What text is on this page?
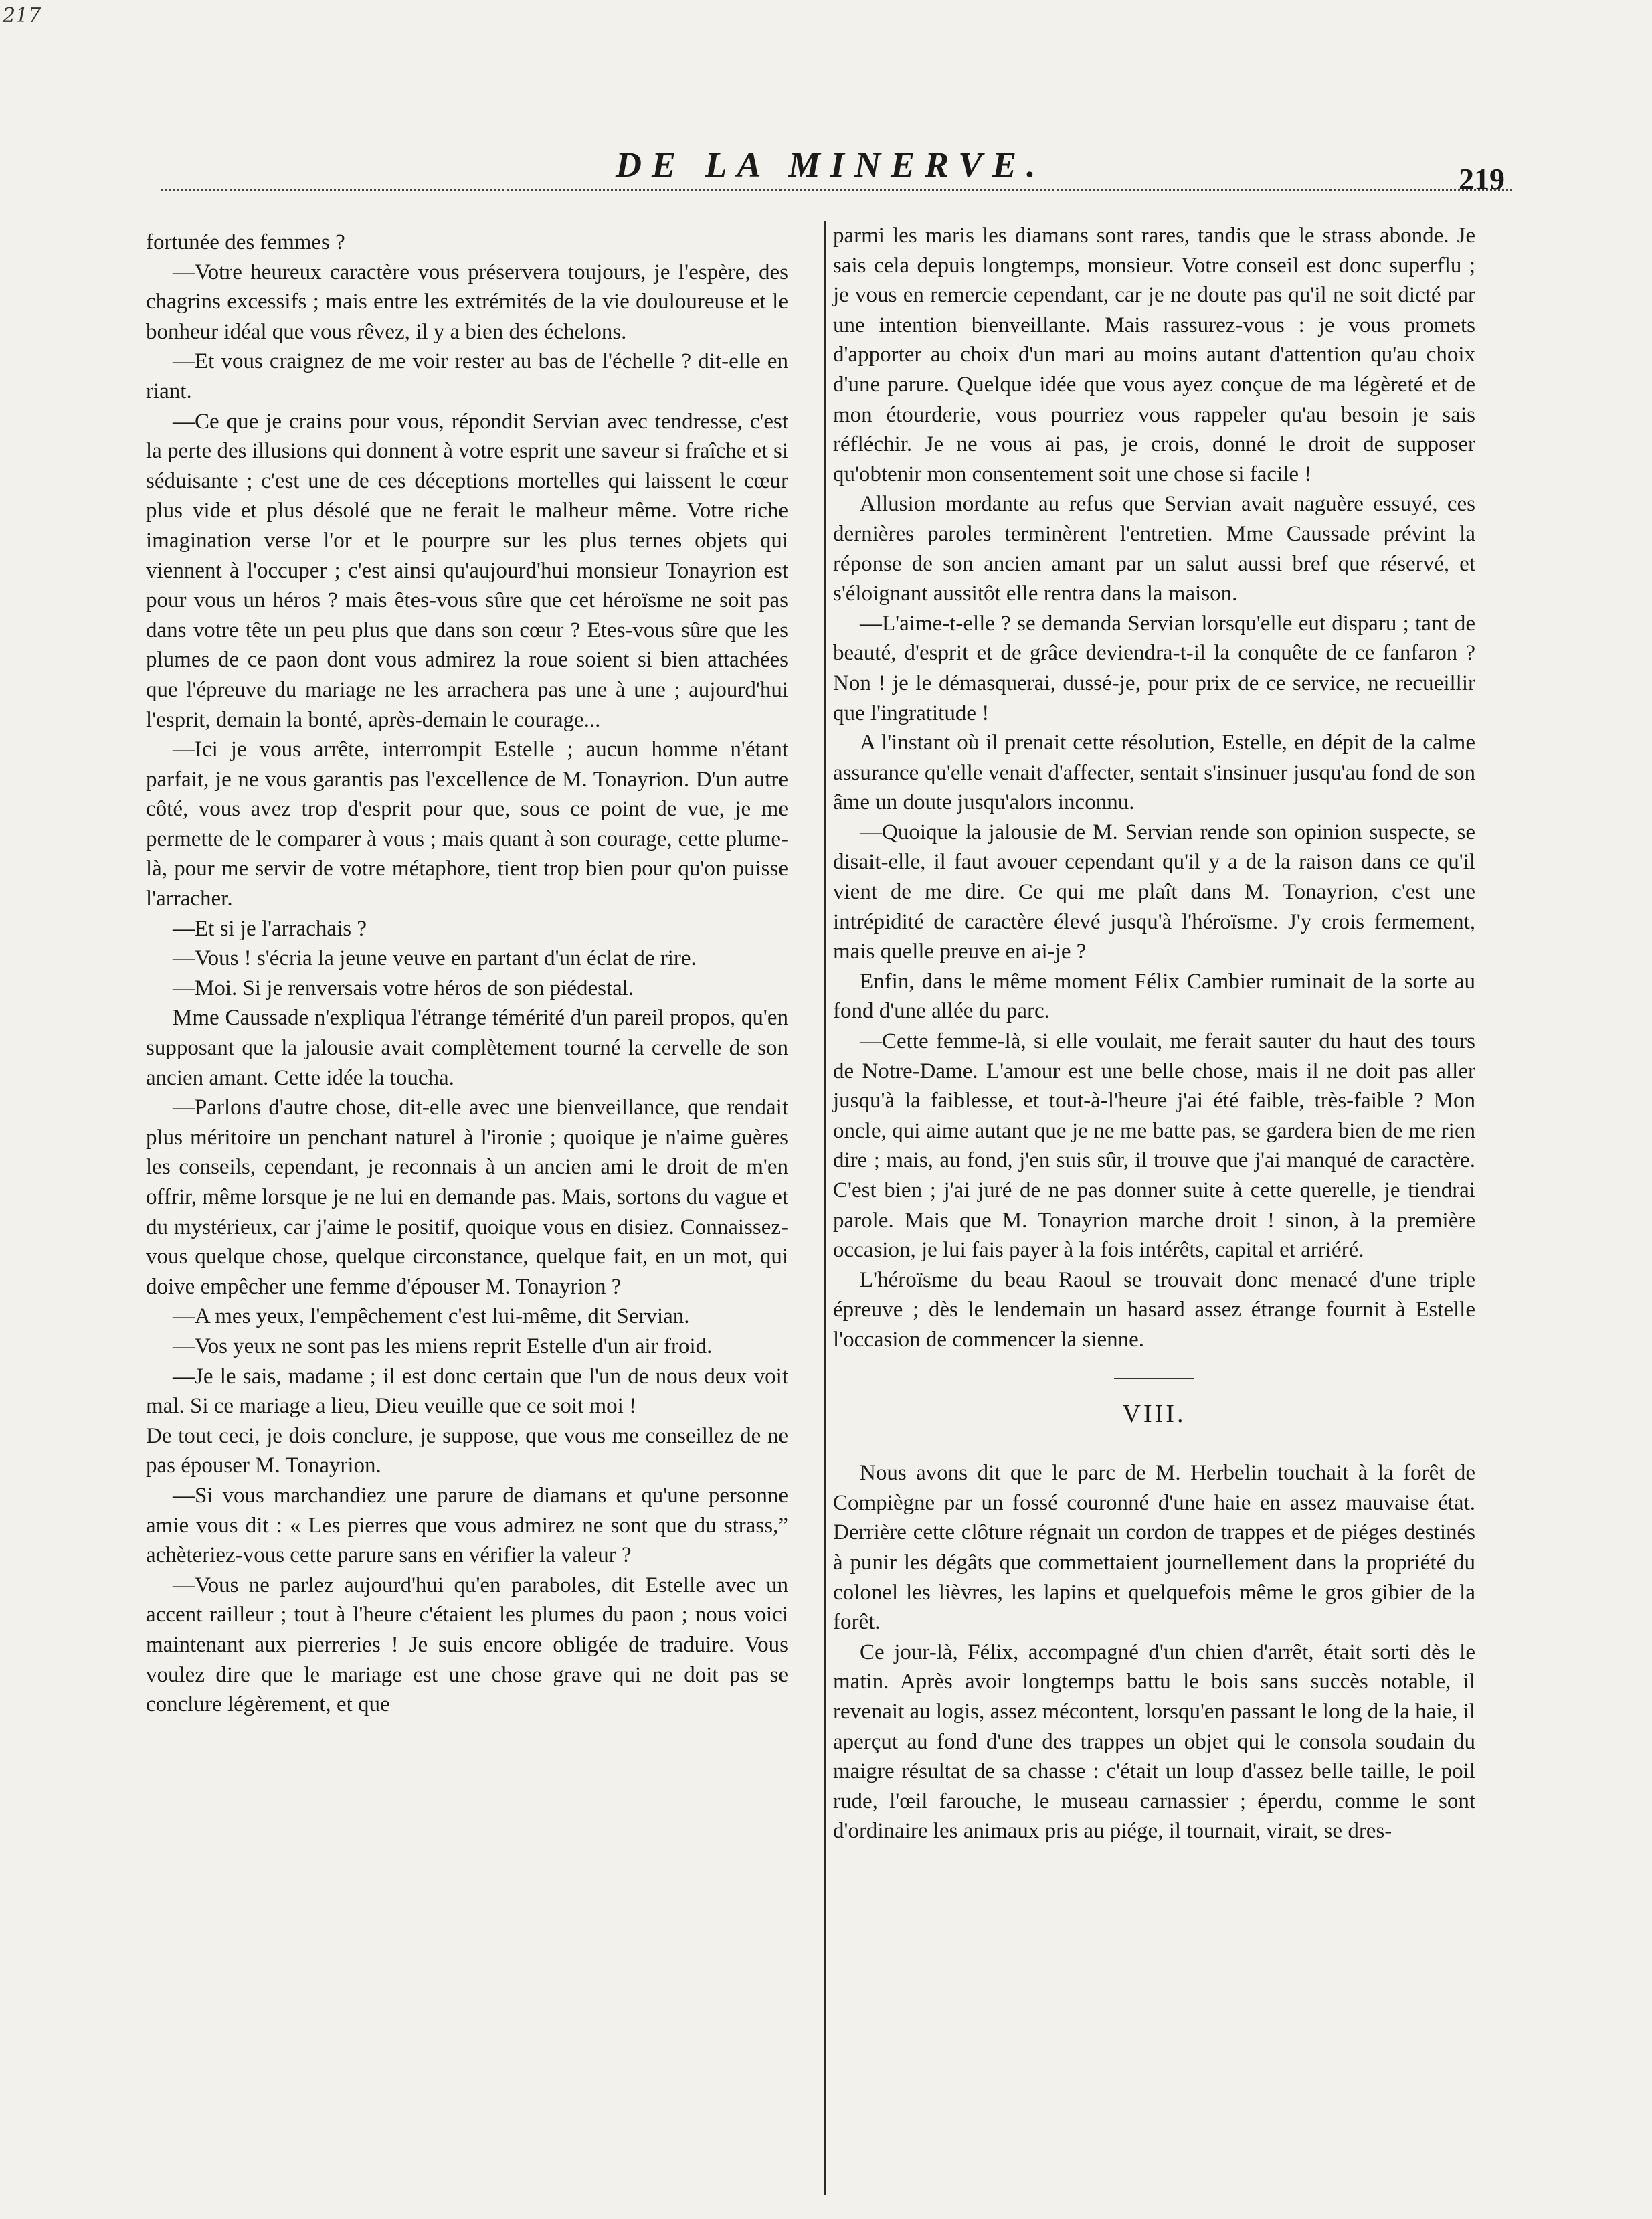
217
DE LA MINERVE.	219

fortunée des femmes ?

—Votre heureux caractère vous préservera toujours, je l'espère, des chagrins excessifs ; mais entre les extrémités de la vie douloureuse et le bonheur idéal que vous rêvez, il y a bien des échelons.

—Et vous craignez de me voir rester au bas de l'échelle ? dit-elle en riant.

—Ce que je crains pour vous, répondit Servian avec tendresse, c'est la perte des illusions qui donnent à votre esprit une saveur si fraîche et si séduisante ; c'est une de ces déceptions mortelles qui laissent le cœur plus vide et plus désolé que ne ferait le malheur même. Votre riche imagination verse l'or et le pourpre sur les plus ternes objets qui viennent à l'occuper ; c'est ainsi qu'aujourd'hui monsieur Tonayrion est pour vous un héros ? mais êtes-vous sûre que cet héroïsme ne soit pas dans votre tête un peu plus que dans son cœur ? Etes-vous sûre que les plumes de ce paon dont vous admirez la roue soient si bien attachées que l'épreuve du mariage ne les arrachera pas une à une ; aujourd'hui l'esprit, demain la bonté, après-demain le courage...

—Ici je vous arrête, interrompit Estelle ; aucun homme n'étant parfait, je ne vous garantis pas l'excellence de M. Tonayrion. D'un autre côté, vous avez trop d'esprit pour que, sous ce point de vue, je me permette de le comparer à vous ; mais quant à son courage, cette plume-là, pour me servir de votre métaphore, tient trop bien pour qu'on puisse l'arracher.

—Et si je l'arrachais ?

—Vous ! s'écria la jeune veuve en partant d'un éclat de rire.

—Moi. Si je renversais votre héros de son piédestal.

Mme Caussade n'expliqua l'étrange témérité d'un pareil propos, qu'en supposant que la jalousie avait complètement tourné la cervelle de son ancien amant. Cette idée la toucha.

—Parlons d'autre chose, dit-elle avec une bienveillance, que rendait plus méritoire un penchant naturel à l'ironie ; quoique je n'aime guères les conseils, cependant, je reconnais à un ancien ami le droit de m'en offrir, même lorsque je ne lui en demande pas. Mais, sortons du vague et du mystérieux, car j'aime le positif, quoique vous en disiez. Connaissez-vous quelque chose, quelque circonstance, quelque fait, en un mot, qui doive empêcher une femme d'épouser M. Tonayrion ?

—A mes yeux, l'empêchement c'est lui-même, dit Servian.

—Vos yeux ne sont pas les miens reprit Estelle d'un air froid.

—Je le sais, madame ; il est donc certain que l'un de nous deux voit mal. Si ce mariage a lieu, Dieu veuille que ce soit moi !

De tout ceci, je dois conclure, je suppose, que vous me conseillez de ne pas épouser M. Tonayrion.

—Si vous marchandiez une parure de diamans et qu'une personne amie vous dit : « Les pierres que vous admirez ne sont que du strass,” achèteriez-vous cette parure sans en vérifier la valeur ?

—Vous ne parlez aujourd'hui qu'en paraboles, dit Estelle avec un accent railleur ; tout à l'heure c'étaient les plumes du paon ; nous voici maintenant aux pierreries ! Je suis encore obligée de traduire. Vous voulez dire que le mariage est une chose grave qui ne doit pas se conclure légèrement, et que

parmi les maris les diamans sont rares, tandis que le strass abonde. Je sais cela depuis longtemps, monsieur. Votre conseil est donc superflu ; je vous en remercie cependant, car je ne doute pas qu'il ne soit dicté par une intention bienveillante. Mais rassurez-vous : je vous promets d'apporter au choix d'un mari au moins autant d'attention qu'au choix d'une parure. Quelque idée que vous ayez conçue de ma légèreté et de mon étourderie, vous pourriez vous rappeler qu'au besoin je sais réfléchir. Je ne vous ai pas, je crois, donné le droit de supposer qu'obtenir mon consentement soit une chose si facile !

Allusion mordante au refus que Servian avait naguère essuyé, ces dernières paroles terminèrent l'entretien. Mme Caussade prévint la réponse de son ancien amant par un salut aussi bref que réservé, et s'éloignant aussitôt elle rentra dans la maison.

—L'aime-t-elle ? se demanda Servian lorsqu'elle eut disparu ; tant de beauté, d'esprit et de grâce deviendra-t-il la conquête de ce fanfaron ? Non ! je le démasquerai, dussé-je, pour prix de ce service, ne recueillir que l'ingratitude !

A l'instant où il prenait cette résolution, Estelle, en dépit de la calme assurance qu'elle venait d'affecter, sentait s'insinuer jusqu'au fond de son âme un doute jusqu'alors inconnu.

—Quoique la jalousie de M. Servian rende son opinion suspecte, se disait-elle, il faut avouer cependant qu'il y a de la raison dans ce qu'il vient de me dire. Ce qui me plaît dans M. Tonayrion, c'est une intrépidité de caractère élevé jusqu'à l'héroïsme. J'y crois fermement, mais quelle preuve en ai-je ?

Enfin, dans le même moment Félix Cambier ruminait de la sorte au fond d'une allée du parc.

—Cette femme-là, si elle voulait, me ferait sauter du haut des tours de Notre-Dame. L'amour est une belle chose, mais il ne doit pas aller jusqu'à la faiblesse, et tout-à-l'heure j'ai été faible, très-faible ? Mon oncle, qui aime autant que je ne me batte pas, se gardera bien de me rien dire ; mais, au fond, j'en suis sûr, il trouve que j'ai manqué de caractère. C'est bien ; j'ai juré de ne pas donner suite à cette querelle, je tiendrai parole. Mais que M. Tonayrion marche droit ! sinon, à la première occasion, je lui fais payer à la fois intérêts, capital et arriéré.

L'héroïsme du beau Raoul se trouvait donc menacé d'une triple épreuve ; dès le lendemain un hasard assez étrange fournit à Estelle l'occasion de commencer la sienne.

VIII.

Nous avons dit que le parc de M. Herbelin touchait à la forêt de Compiègne par un fossé couronné d'une haie en assez mauvaise état. Derrière cette clôture régnait un cordon de trappes et de piéges destinés à punir les dégâts que commettaient journellement dans la propriété du colonel les lièvres, les lapins et quelquefois même le gros gibier de la forêt.

Ce jour-là, Félix, accompagné d'un chien d'arrêt, était sorti dès le matin. Après avoir longtemps battu le bois sans succès notable, il revenait au logis, assez mécontent, lorsqu'en passant le long de la haie, il aperçut au fond d'une des trappes un objet qui le consola soudain du maigre résultat de sa chasse : c'était un loup d'assez belle taille, le poil rude, l'œil farouche, le museau carnassier ; éperdu, comme le sont d'ordinaire les animaux pris au piége, il tournait, virait, se dres-
